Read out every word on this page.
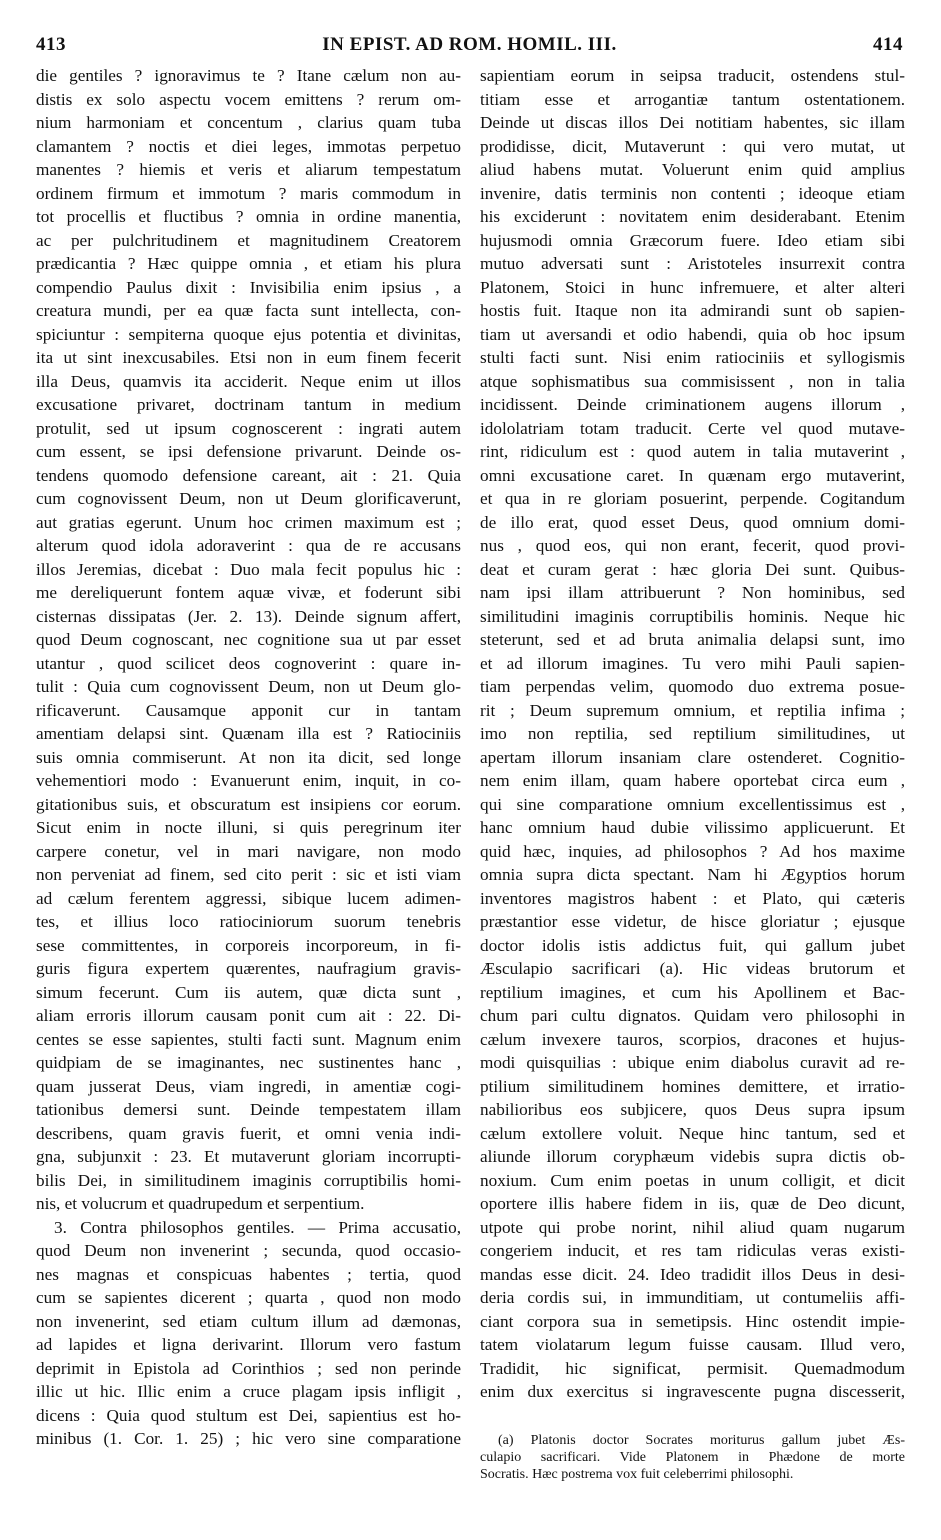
413	IN EPIST. AD ROM. HOMIL. III.	414
die gentiles ? ignoravimus te ? Itane cælum non au-
distis ex solo aspectu vocem emittens ? rerum om-
nium harmoniam et concentum , clarius quam tuba
clamantem ? noctis et diei leges, immotas perpetuo
manentes ? hiemis et veris et aliarum tempestatum
ordinem firmum et immotum ? maris commodum in
tot procellis et fluctibus ? omnia in ordine manentia,
ac per pulchritudinem et magnitudinem Creatorem
prædicantia ? Hæc quippe omnia , et etiam his plura
compendio Paulus dixit : Invisibilia enim ipsius , a
creatura mundi, per ea quæ facta sunt intellecta, con-
spiciuntur : sempiterna quoque ejus potentia et divinitas,
ita ut sint inexcusabiles. Etsi non in eum finem fecerit
illa Deus, quamvis ita acciderit. Neque enim ut illos
excusatione privaret, doctrinam tantum in medium
protulit, sed ut ipsum cognoscerent : ingrati autem
cum essent, se ipsi defensione privarunt. Deinde os-
tendens quomodo defensione careant, ait : 21. Quia
cum cognovissent Deum, non ut Deum glorificaverunt,
aut gratias egerunt. Unum hoc crimen maximum est ;
alterum quod idola adoraverint : qua de re accusans
illos Jeremias, dicebat : Duo mala fecit populus hic :
me dereliquerunt fontem aquæ vivæ, et foderunt sibi
cisternas dissipatas (Jer. 2. 13). Deinde signum affert,
quod Deum cognoscant, nec cognitione sua ut par esset
utantur , quod scilicet deos cognoverint : quare in-
tulit : Quia cum cognovissent Deum, non ut Deum glo-
rificaverunt. Causamque apponit cur in tantam
amentiam delapsi sint. Quænam illa est ? Ratiociniis
suis omnia commiserunt. At non ita dicit, sed longe
vehementiori modo : Evanuerunt enim, inquit, in co-
gitationibus suis, et obscuratum est insipiens cor eorum.
Sicut enim in nocte illuni, si quis peregrinum iter
carpere conetur, vel in mari navigare, non modo
non perveniat ad finem, sed cito perit : sic et isti viam
ad cælum ferentem aggressi, sibique lucem adimen-
tes, et illius loco ratiociniorum suorum tenebris
sese committentes, in corporeis incorporeum, in fi-
guris figura expertem quærentes, naufragium gravis-
simum fecerunt. Cum iis autem, quæ dicta sunt ,
aliam erroris illorum causam ponit cum ait : 22. Di-
centes se esse sapientes, stulti facti sunt. Magnum enim
quidpiam de se imaginantes, nec sustinentes hanc ,
quam jusserat Deus, viam ingredi, in amentiæ cogi-
tationibus demersi sunt. Deinde tempestatem illam
describens, quam gravis fuerit, et omni venia indi-
gna, subjunxit : 23. Et mutaverunt gloriam incorrupti-
bilis Dei, in similitudinem imaginis corruptibilis homi-
nis, et volucrum et quadrupedum et serpentium.
3. Contra philosophos gentiles. — Prima accusatio,
quod Deum non invenerint ; secunda, quod occasio-
nes magnas et conspicuas habentes ; tertia, quod
cum se sapientes dicerent ; quarta , quod non modo
non invenerint, sed etiam cultum illum ad dæmonas,
ad lapides et ligna derivarint. Illorum vero fastum
deprimit in Epistola ad Corinthios ; sed non perinde
illic ut hic. Illic enim a cruce plagam ipsis infligit ,
dicens : Quia quod stultum est Dei, sapientius est ho-
minibus (1. Cor. 1. 25) ; hic vero sine comparatione
sapientiam eorum in seipsa traducit, ostendens stul-
titiam esse et arrogantiæ tantum ostentationem.
Deinde ut discas illos Dei notitiam habentes, sic illam
prodidisse, dicit, Mutaverunt : qui vero mutat, ut
aliud habens mutat. Voluerunt enim quid amplius
invenire, datis terminis non contenti ; ideoque etiam
his exciderunt : novitatem enim desiderabant. Etenim
hujusmodi omnia Græcorum fuere. Ideo etiam sibi
mutuo adversati sunt : Aristoteles insurrexit contra
Platonem, Stoici in hunc infremuere, et alter alteri
hostis fuit. Itaque non ita admirandi sunt ob sapien-
tiam ut aversandi et odio habendi, quia ob hoc ipsum
stulti facti sunt. Nisi enim ratiociniis et syllogismis
atque sophismatibus sua commisissent , non in talia
incidissent. Deinde criminationem augens illorum ,
idololatriam totam traducit. Certe vel quod mutave-
rint, ridiculum est : quod autem in talia mutaverint ,
omni excusatione caret. In quænam ergo mutaverint,
et qua in re gloriam posuerint, perpende. Cogitandum
de illo erat, quod esset Deus, quod omnium domi-
nus , quod eos, qui non erant, fecerit, quod provi-
deat et curam gerat : hæc gloria Dei sunt. Quibus-
nam ipsi illam attribuerunt ? Non hominibus, sed
similitudini imaginis corruptibilis hominis. Neque hic
steterunt, sed et ad bruta animalia delapsi sunt, imo
et ad illorum imagines. Tu vero mihi Pauli sapien-
tiam perpendas velim, quomodo duo extrema posue-
rit ; Deum supremum omnium, et reptilia infima ;
imo non reptilia, sed reptilium similitudines, ut
apertam illorum insaniam clare ostenderet. Cognitio-
nem enim illam, quam habere oportebat circa eum ,
qui sine comparatione omnium excellentissimus est ,
hanc omnium haud dubie vilissimo applicuerunt. Et
quid hæc, inquies, ad philosophos ? Ad hos maxime
omnia supra dicta spectant. Nam hi Ægyptios horum
inventores magistros habent : et Plato, qui cæteris
præstantior esse videtur, de hisce gloriatur ; ejusque
doctor idolis istis addictus fuit, qui gallum jubet
Æsculapio sacrificari (a). Hic videas brutorum et
reptilium imagines, et cum his Apollinem et Bac-
chum pari cultu dignatos. Quidam vero philosophi in
cælum invexere tauros, scorpios, dracones et hujus-
modi quisquilias : ubique enim diabolus curavit ad re-
ptilium similitudinem homines demittere, et irratio-
nabilioribus eos subjicere, quos Deus supra ipsum
cælum extollere voluit. Neque hinc tantum, sed et
aliunde illorum coryphæum videbis supra dictis ob-
noxium. Cum enim poetas in unum colligit, et dicit
oportere illis habere fidem in iis, quæ de Deo dicunt,
utpote qui probe norint, nihil aliud quam nugarum
congeriem inducit, et res tam ridiculas veras existi-
mandas esse dicit. 24. Ideo tradidit illos Deus in desi-
deria cordis sui, in immunditiam, ut contumeliis affi-
ciant corpora sua in semetipsis. Hinc ostendit impie-
tatem violatarum legum fuisse causam. Illud vero,
Tradidit, hic significat, permisit. Quemadmodum
enim dux exercitus si ingravescente pugna discesserit,
(a) Platonis doctor Socrates moriturus gallum jubet Æs-
culapio sacrificari. Vide Platonem in Phædone de morte
Socratis. Hæc postrema vox fuit celeberrimi philosophi.
